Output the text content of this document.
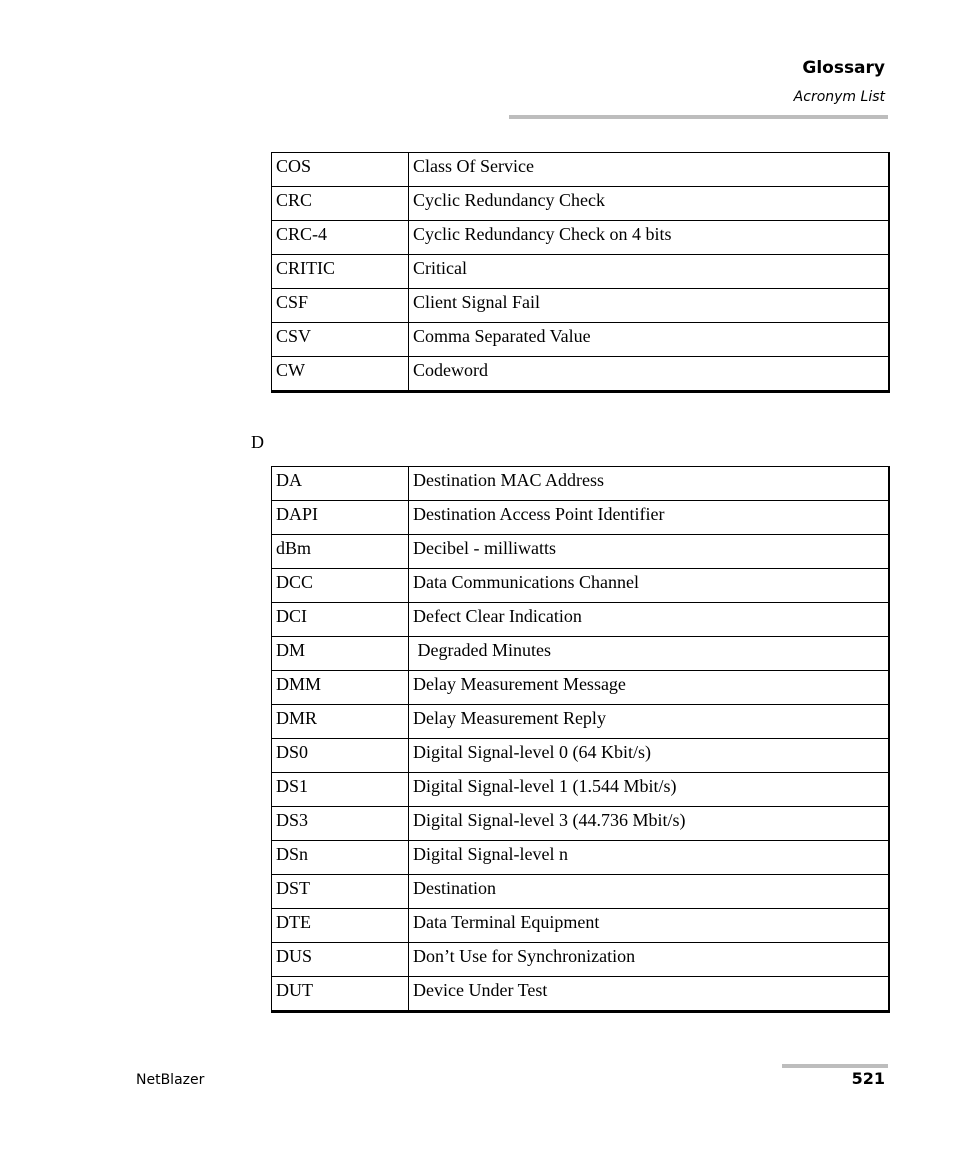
Glossary
Acronym List
COS	Class Of Service
CRC	Cyclic Redundancy Check
CRC-4	Cyclic Redundancy Check on 4 bits
CRITIC	Critical
CSF	Client Signal Fail
CSV	Comma Separated Value
CW	Codeword
D
DA	Destination MAC Address
DAPI	Destination Access Point Identifier
dBm	Decibel - milliwatts
DCC	Data Communications Channel
DCI	Defect Clear Indication
DM	Degraded Minutes
DMM	Delay Measurement Message
DMR	Delay Measurement Reply
DS0	Digital Signal-level 0 (64 Kbit/s)
DS1	Digital Signal-level 1 (1.544 Mbit/s)
DS3	Digital Signal-level 3 (44.736 Mbit/s)
DSn	Digital Signal-level n
DST	Destination
DTE	Data Terminal Equipment
DUS	Don’t Use for Synchronization
DUT	Device Under Test
NetBlazer	521
